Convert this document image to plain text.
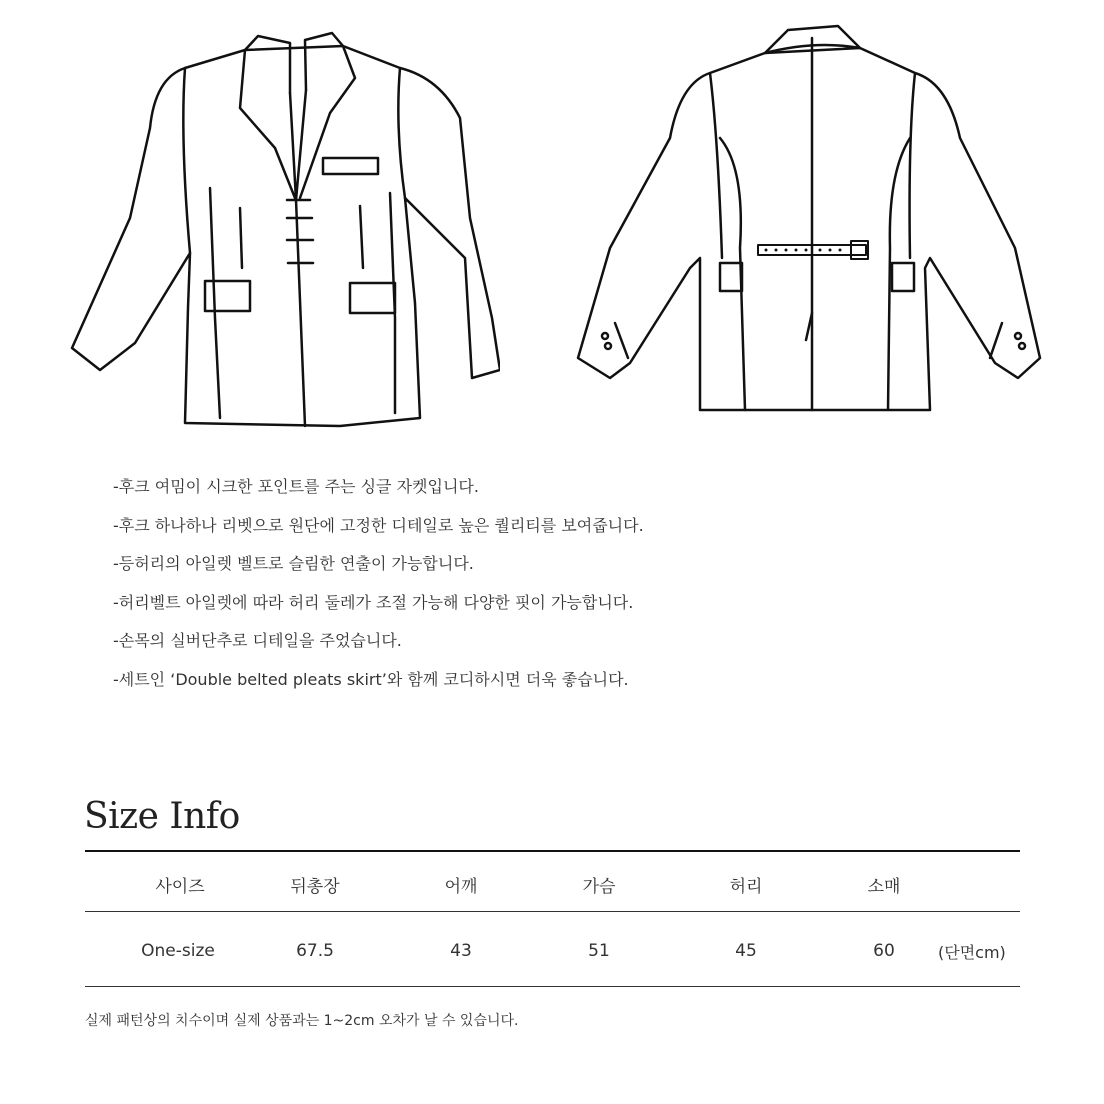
-후크 여밈이 시크한 포인트를 주는 싱글 자켓입니다.
-후크 하나하나 리벳으로 원단에 고정한 디테일로 높은 퀄리티를 보여줍니다.
-등허리의 아일렛 벨트로 슬림한 연출이 가능합니다.
-허리벨트 아일렛에 따라 허리 둘레가 조절 가능해 다양한 핏이 가능합니다.
-손목의 실버단추로 디테일을 주었습니다.
-세트인 ‘Double belted pleats skirt’와 함께 코디하시면 더욱 좋습니다.
Size Info
사이즈	뒤총장	어깨	가슴	허리	소매
One-size	67.5	43	51	45	60	(단면cm)
실제 패턴상의 치수이며 실제 상품과는 1~2cm 오차가 날 수 있습니다.
